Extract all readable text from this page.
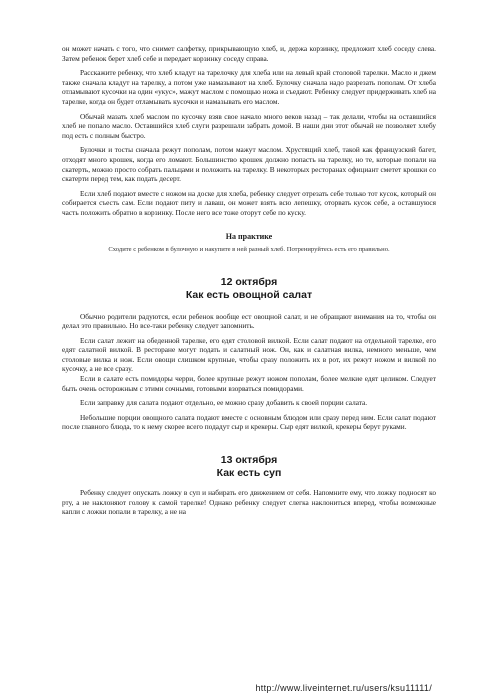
он может начать с того, что снимет салфетку, прикрывающую хлеб, и, держа корзинку, предложит хлеб соседу слева. Затем ребенок берет хлеб себе и передает корзинку соседу справа.

Расскажите ребенку, что хлеб кладут на тарелочку для хлеба или на левый край столовой тарелки. Масло и джем также сначала кладут на тарелку, а потом уже намазывают на хлеб. Булочку сначала надо разрезать пополам. От хлеба отламывают кусочки на один «укус», мажут маслом с помощью ножа и съедают. Ребенку следует придерживать хлеб на тарелке, когда он будет отламывать кусочки и намазывать его маслом.

Обычай мазать хлеб маслом по кусочку взяв свое начало много веков назад – так делали, чтобы на оставшийся хлеб не попало масло. Оставшийся хлеб слуги разрешали забрать домой. В наши дни этот обычай не позволяет хлебу под есть с полным быстро.

Булочки и тосты сначала режут пополам, потом мажут маслом. Хрустящий хлеб, такой как французский багет, отходят много крошек, когда его ломают. Большинство крошек должно попасть на тарелку, но те, которые попали на скатерть, можно просто собрать пальцами и положить на тарелку. В некоторых ресторанах официант сметет крошки со скатерти перед тем, как подать десерт.

Если хлеб подают вместе с ножом на доске для хлеба, ребенку следует отрезать себе только тот кусок, который он собирается съесть сам. Если подают питу и лаваш, он может взять всю лепешку, оторвать кусок себе, а оставшуюся часть положить обратно в корзинку. После него все тоже оторут себе по куску.

На практике
Сходите с ребенком в булочную и накупите в ней разный хлеб. Потренируйтесь есть его правильно.
12 октября
Как есть овощной салат

Обычно родители радуются, если ребенок вообще ест овощной салат, и не обращают внимания на то, чтобы он делал это правильно. Но все-таки ребенку следует запомнить.

Если салат лежит на обеденной тарелке, его едят столовой вилкой. Если салат подают на отдельной тарелке, его едят салатной вилкой. В ресторане могут подать и салатный нож. Он, как и салатная вилка, немного меньше, чем столовые вилка и нож. Если овощи слишком крупные, чтобы сразу положить их в рот, их режут ножом и вилкой по кусочку, а не все сразу.

Если в салате есть помидоры черри, более крупные режут ножом пополам, более мелкие едят целиком. Следует быть очень осторожным с этими сочными, готовыми взорваться помидорами.

Если заправку для салата подают отдельно, ее можно сразу добавить к своей порции салата.

Небольшие порции овощного салата подают вместе с основным блюдом или сразу перед ним. Если салат подают после главного блюда, то к нему скорее всего подадут сыр и крекеры. Сыр едят вилкой, крекеры берут руками.

13 октября
Как есть суп

Ребенку следует опускать ложку в суп и набирать его движением от себя. Напомните ему, что ложку подносят ко рту, а не наклоняют голову к самой тарелке! Однако ребенку следует слегка наклониться вперед, чтобы возможные капли с ложки попали в тарелку, а не на

http://www.liveinternet.ru/users/ksu11111/
